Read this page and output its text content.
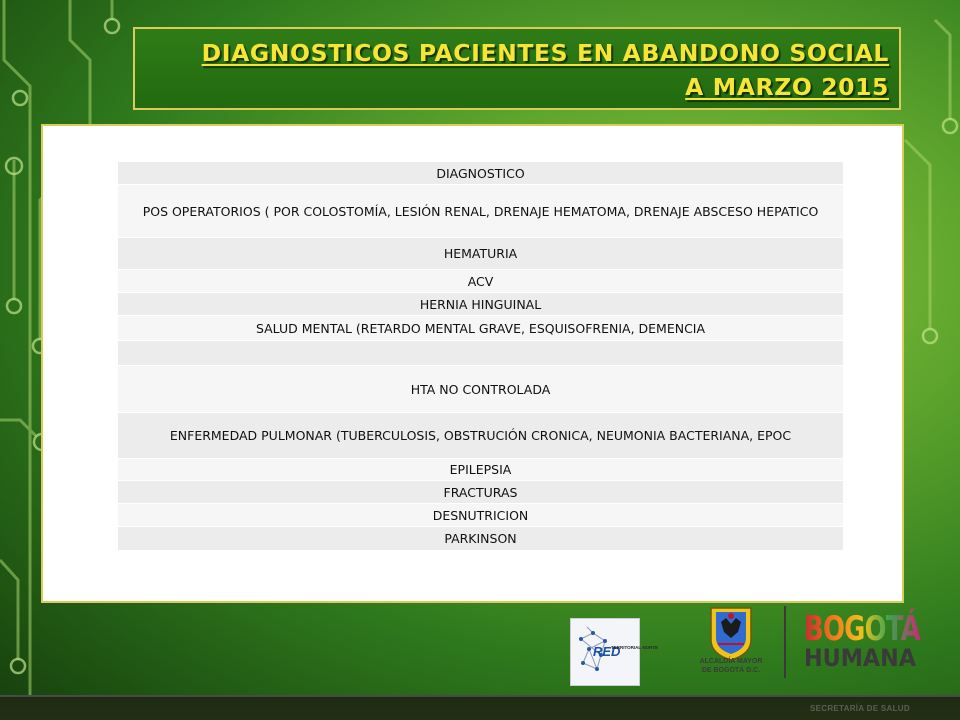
DIAGNOSTICOS PACIENTES EN ABANDONO SOCIAL
A MARZO 2015
DIAGNOSTICO
POS OPERATORIOS ( POR COLOSTOMÍA, LESIÓN RENAL, DRENAJE HEMATOMA, DRENAJE ABSCESO HEPATICO
HEMATURIA
ACV
HERNIA HINGUINAL
SALUD MENTAL (RETARDO MENTAL GRAVE, ESQUISOFRENIA, DEMENCIA

HTA NO CONTROLADA
ENFERMEDAD PULMONAR (TUBERCULOSIS, OBSTRUCIÓN CRONICA, NEUMONIA BACTERIANA, EPOC
EPILEPSIA
FRACTURAS
DESNUTRICION
PARKINSON
RED
TERRITORIAL NORTE
ALCALDÍA MAYOR
DE BOGOTÁ D.C.
BOGOTÁ
HUMANA
SECRETARÍA DE SALUD
